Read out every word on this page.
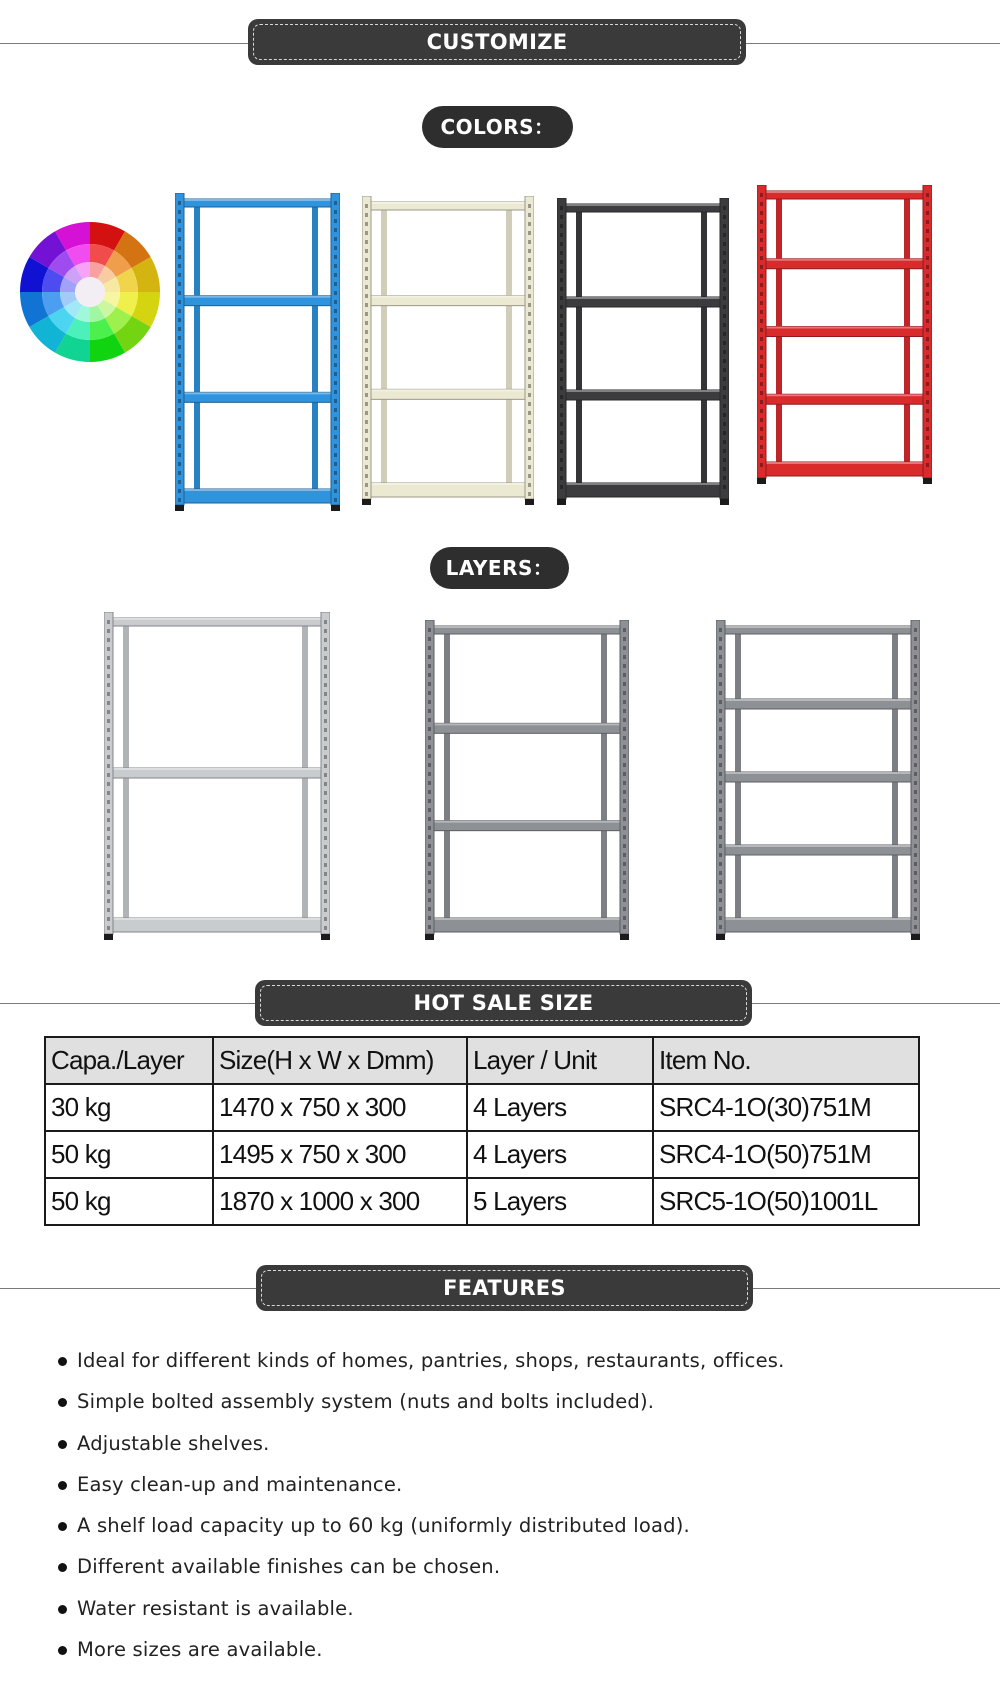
CUSTOMIZE
COLORS：
LAYERS：
HOT SALE SIZE
Capa./Layer	Size(H x W x Dmm)	Layer / Unit	Item No.
30 kg	1470 x 750 x 300	4 Layers	SRC4-1O(30)751M
50 kg	1495 x 750 x 300	4 Layers	SRC4-1O(50)751M
50 kg	1870 x 1000 x 300	5 Layers	SRC5-1O(50)1001L
FEATURES
Ideal for different kinds of homes, pantries, shops, restaurants, offices.
Simple bolted assembly system (nuts and bolts included).
Adjustable shelves.
Easy clean-up and maintenance.
A shelf load capacity up to 60 kg (uniformly distributed load).
Different available finishes can be chosen.
Water resistant is available.
More sizes are available.
